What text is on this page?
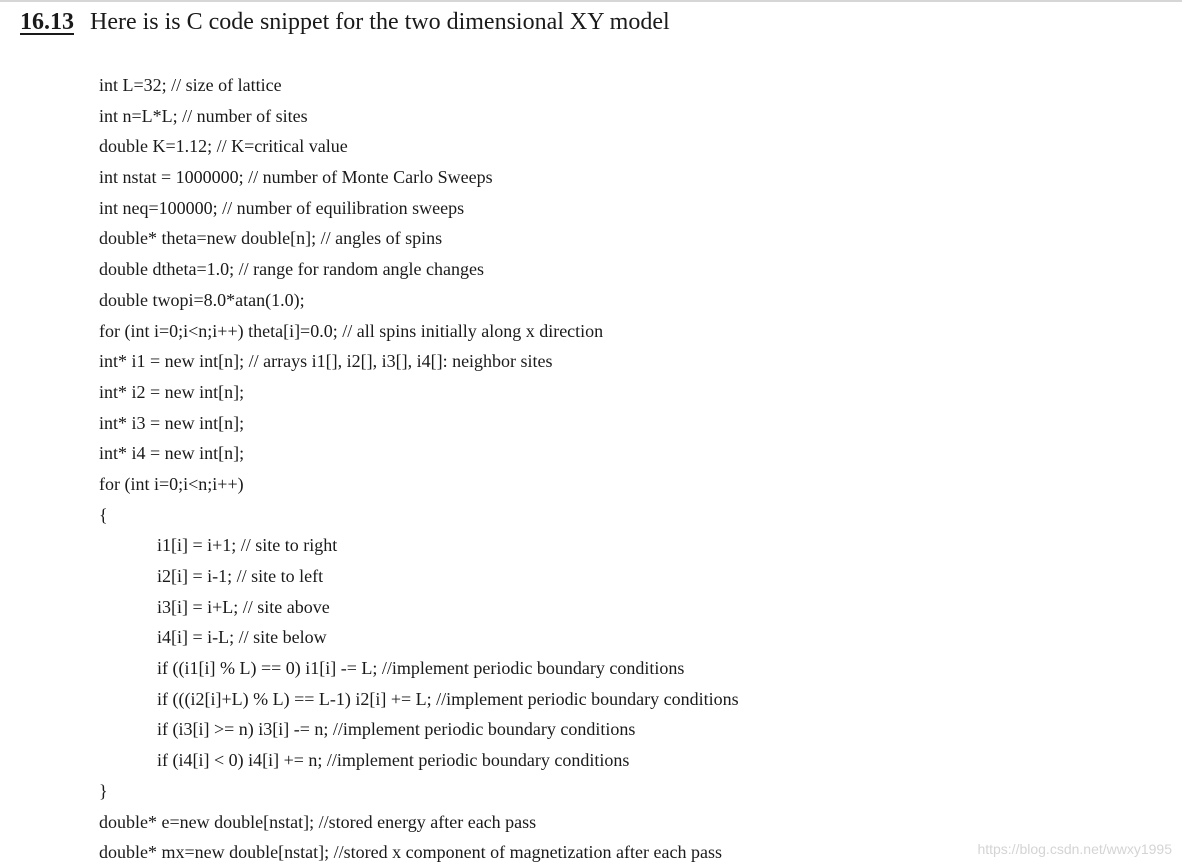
16.13 Here is is C code snippet for the two dimensional XY model
int L=32; // size of lattice
int n=L*L; // number of sites
double K=1.12; // K=critical value
int nstat = 1000000; // number of Monte Carlo Sweeps
int neq=100000; // number of equilibration sweeps
double* theta=new double[n]; // angles of spins
double dtheta=1.0; // range for random angle changes
double twopi=8.0*atan(1.0);
for (int i=0;i<n;i++) theta[i]=0.0; // all spins initially along x direction
int* i1 = new int[n]; // arrays i1[], i2[], i3[], i4[]: neighbor sites
int* i2 = new int[n];
int* i3 = new int[n];
int* i4 = new int[n];
for (int i=0;i<n;i++)
{
i1[i] = i+1; // site to right
i2[i] = i-1; // site to left
i3[i] = i+L; // site above
i4[i] = i-L; // site below
if ((i1[i] % L) == 0) i1[i] -= L; //implement periodic boundary conditions
if (((i2[i]+L) % L) == L-1) i2[i] += L; //implement periodic boundary conditions
if (i3[i] >= n) i3[i] -= n; //implement periodic boundary conditions
if (i4[i] < 0) i4[i] += n; //implement periodic boundary conditions
}
double* e=new double[nstat]; //stored energy after each pass
double* mx=new double[nstat]; //stored x component of magnetization after each pass	https://blog.csdn.net/wwxy1995
